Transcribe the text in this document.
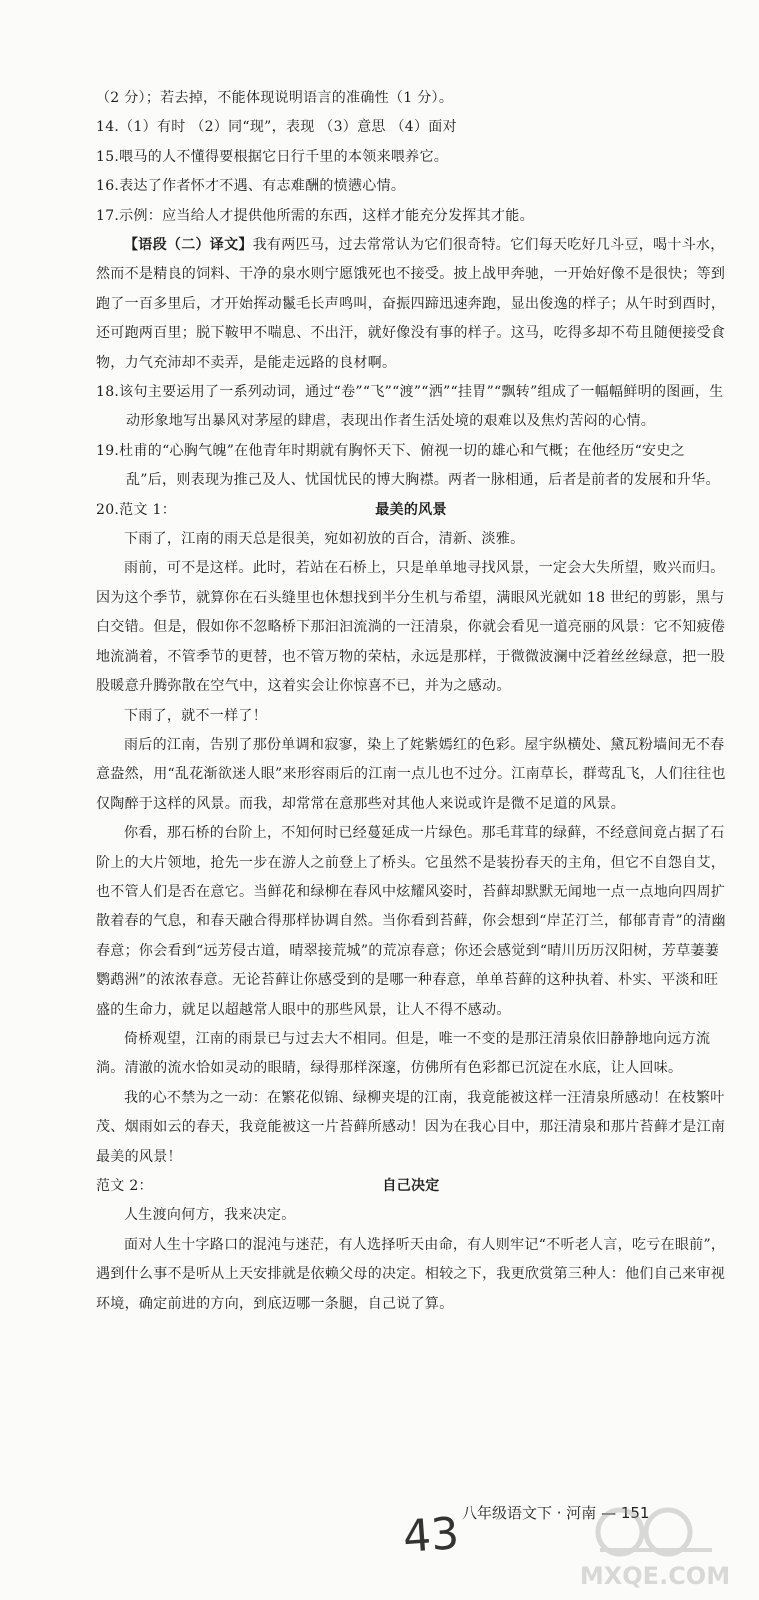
（2 分）；若去掉，不能体现说明语言的准确性（1 分）。

14.（1）有时 （2）同“现”，表现 （3）意思 （4）面对

15.喂马的人不懂得要根据它日行千里的本领来喂养它。

16.表达了作者怀才不遇、有志难酬的愤懑心情。

17.示例：应当给人才提供他所需的东西，这样才能充分发挥其才能。

【语段（二）译文】我有两匹马，过去常常认为它们很奇特。它们每天吃好几斗豆，喝十斗水，然而不是精良的饲料、干净的泉水则宁愿饿死也不接受。披上战甲奔驰，一开始好像不是很快；等到跑了一百多里后，才开始挥动鬣毛长声鸣叫，奋振四蹄迅速奔跑，显出俊逸的样子；从午时到酉时，还可跑两百里；脱下鞍甲不喘息、不出汗，就好像没有事的样子。这马，吃得多却不苟且随便接受食物，力气充沛却不卖弄，是能走远路的良材啊。

18.该句主要运用了一系列动词，通过“卷”“飞”“渡”“洒”“挂胃”“飘转”组成了一幅幅鲜明的图画，生动形象地写出暴风对茅屋的肆虐，表现出作者生活处境的艰难以及焦灼苦闷的心情。

19.杜甫的“心胸气魄”在他青年时期就有胸怀天下、俯视一切的雄心和气概；在他经历“安史之乱”后，则表现为推己及人、忧国忧民的博大胸襟。两者一脉相通，后者是前者的发展和升华。

20.范文 1：	最美的风景

下雨了，江南的雨天总是很美，宛如初放的百合，清新、淡雅。

雨前，可不是这样。此时，若站在石桥上，只是单单地寻找风景，一定会大失所望，败兴而归。因为这个季节，就算你在石头缝里也休想找到半分生机与希望，满眼风光就如 18 世纪的剪影，黑与白交错。但是，假如你不忽略桥下那汩汩流淌的一汪清泉，你就会看见一道亮丽的风景：它不知疲倦地流淌着，不管季节的更替，也不管万物的荣枯，永远是那样，于微微波澜中泛着丝丝绿意，把一股股暖意升腾弥散在空气中，这着实会让你惊喜不已，并为之感动。

下雨了，就不一样了！

雨后的江南，告别了那份单调和寂寥，染上了姹紫嫣红的色彩。屋宇纵横处、黛瓦粉墙间无不春意盎然，用“乱花渐欲迷人眼”来形容雨后的江南一点儿也不过分。江南草长，群莺乱飞，人们往往也仅陶醉于这样的风景。而我，却常常在意那些对其他人来说或许是微不足道的风景。

你看，那石桥的台阶上，不知何时已经蔓延成一片绿色。那毛茸茸的绿藓，不经意间竟占据了石阶上的大片领地，抢先一步在游人之前登上了桥头。它虽然不是装扮春天的主角，但它不自怨自艾，也不管人们是否在意它。当鲜花和绿柳在春风中炫耀风姿时，苔藓却默默无闻地一点一点地向四周扩散着春的气息，和春天融合得那样协调自然。当你看到苔藓，你会想到“岸芷汀兰，郁郁青青”的清幽春意；你会看到“远芳侵古道，晴翠接荒城”的荒凉春意；你还会感觉到“晴川历历汉阳树，芳草萋萋鹦鹉洲”的浓浓春意。无论苔藓让你感受到的是哪一种春意，单单苔藓的这种执着、朴实、平淡和旺盛的生命力，就足以超越常人眼中的那些风景，让人不得不感动。

倚桥观望，江南的雨景已与过去大不相同。但是，唯一不变的是那汪清泉依旧静静地向远方流淌。清澈的流水恰如灵动的眼睛，绿得那样深邃，仿佛所有色彩都已沉淀在水底，让人回味。

我的心不禁为之一动：在繁花似锦、绿柳夹堤的江南，我竟能被这样一汪清泉所感动！在枝繁叶茂、烟雨如云的春天，我竟能被这一片苔藓所感动！因为在我心目中，那汪清泉和那片苔藓才是江南最美的风景！

范文 2：	自己决定

人生渡向何方，我来决定。

面对人生十字路口的混沌与迷茫，有人选择听天由命，有人则牢记“不听老人言，吃亏在眼前”，遇到什么事不是听从上天安排就是依赖父母的决定。相较之下，我更欣赏第三种人：他们自己来审视环境，确定前进的方向，到底迈哪一条腿，自己说了算。

八年级语文下 · 河南 — 151
43
MXQE.COM
